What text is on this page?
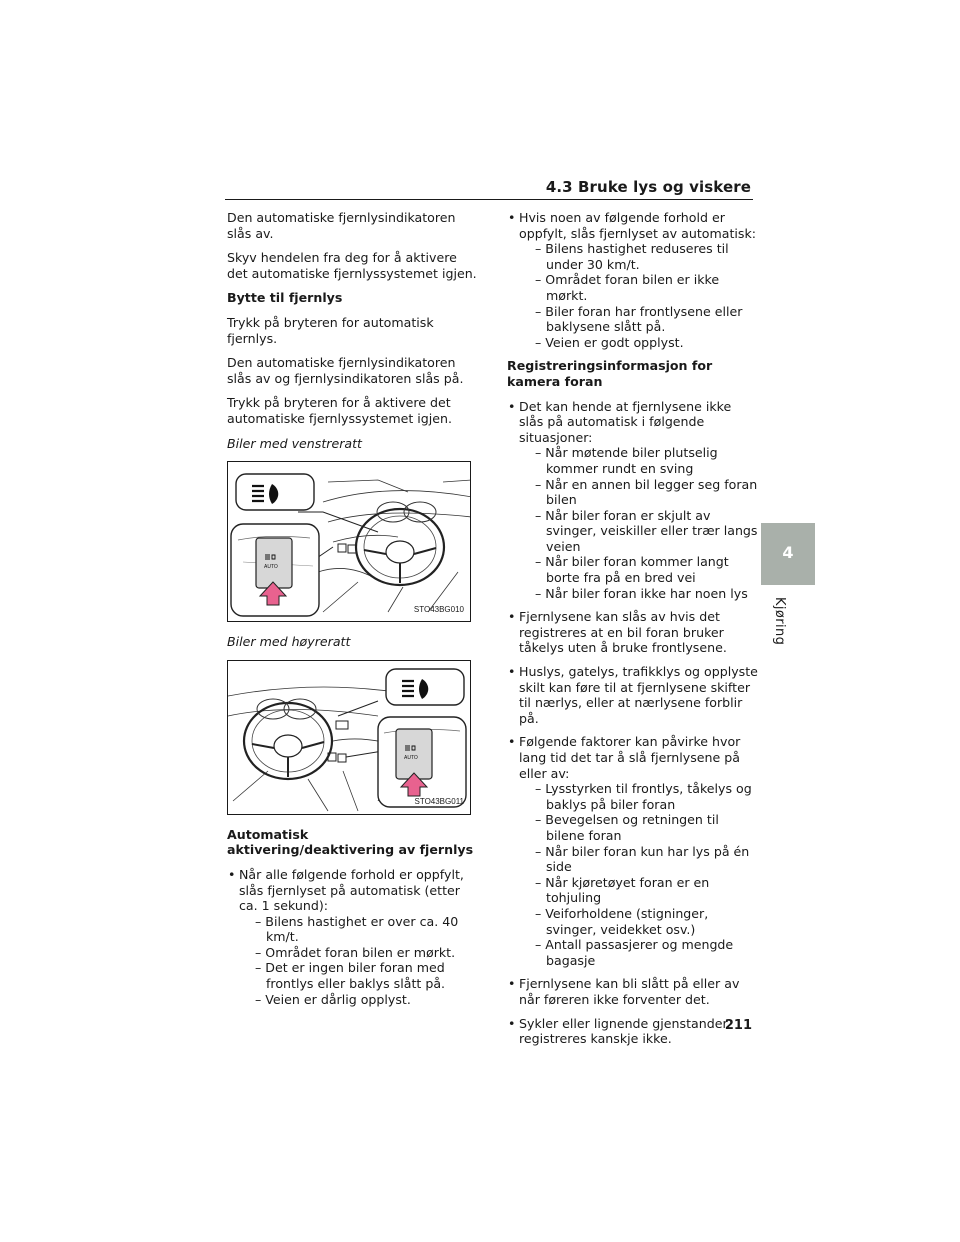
4.3 Bruke lys og viskere

Den automatiske fjernlysindikatoren slås av.

Skyv hendelen fra deg for å aktivere det automatiske fjernlyssystemet igjen.

Bytte til fjernlys

Trykk på bryteren for automatisk fjernlys.

Den automatiske fjernlysindikatoren slås av og fjernlysindikatoren slås på.

Trykk på bryteren for å aktivere det automatiske fjernlyssystemet igjen.

Biler med venstreratt

AUTO
STO43BG010

Biler med høyreratt

AUTO
STO43BG011

Automatisk aktivering/deaktivering av fjernlys

• Når alle følgende forhold er oppfylt, slås fjernlyset på automatisk (etter ca. 1 sekund):
– Bilens hastighet er over ca. 40 km/t.
– Området foran bilen er mørkt.
– Det er ingen biler foran med frontlys eller baklys slått på.
– Veien er dårlig opplyst.
• Hvis noen av følgende forhold er oppfylt, slås fjernlyset av automatisk:
– Bilens hastighet reduseres til under 30 km/t.
– Området foran bilen er ikke mørkt.
– Biler foran har frontlysene eller baklysene slått på.
– Veien er godt opplyst.

Registreringsinformasjon for kamera foran

• Det kan hende at fjernlysene ikke slås på automatisk i følgende situasjoner:
– Når møtende biler plutselig kommer rundt en sving
– Når en annen bil legger seg foran bilen
– Når biler foran er skjult av svinger, veiskiller eller trær langs veien
– Når biler foran kommer langt borte fra på en bred vei
– Når biler foran ikke har noen lys
• Fjernlysene kan slås av hvis det registreres at en bil foran bruker tåkelys uten å bruke frontlysene.
• Huslys, gatelys, trafikklys og opplyste skilt kan føre til at fjernlysene skifter til nærlys, eller at nærlysene forblir på.
• Følgende faktorer kan påvirke hvor lang tid det tar å slå fjernlysene på eller av:
– Lysstyrken til frontlys, tåkelys og baklys på biler foran
– Bevegelsen og retningen til bilene foran
– Når biler foran kun har lys på én side
– Når kjøretøyet foran er en tohjuling
– Veiforholdene (stigninger, svinger, veidekket osv.)
– Antall passasjerer og mengde bagasje
• Fjernlysene kan bli slått på eller av når føreren ikke forventer det.
• Sykler eller lignende gjenstander registreres kanskje ikke.
4
Kjøring
211
